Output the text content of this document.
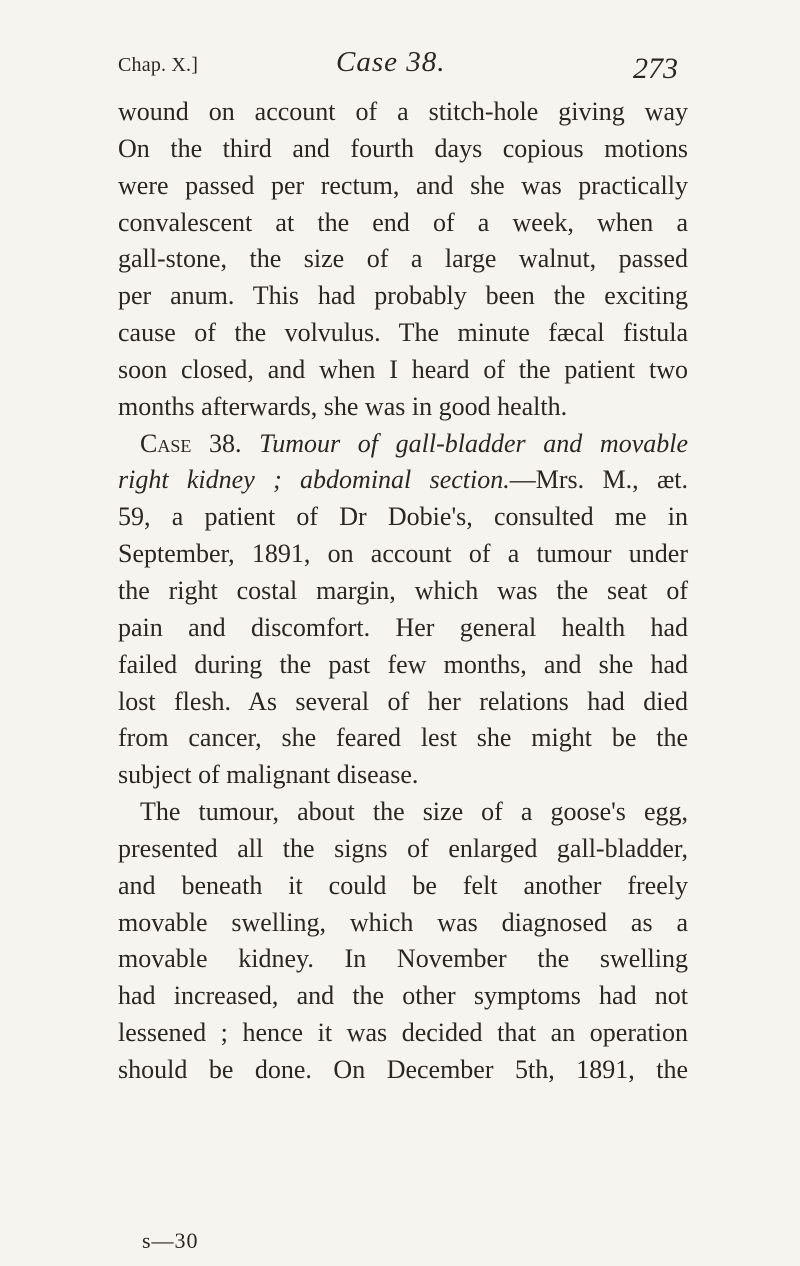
Chap. X.]	Case 38.	273
wound on account of a stitch-hole giving way
On the third and fourth days copious motions
were passed per rectum, and she was practically
convalescent at the end of a week, when a
gall-stone, the size of a large walnut, passed
per anum. This had probably been the exciting
cause of the volvulus. The minute fæcal fistula
soon closed, and when I heard of the patient two
months afterwards, she was in good health.
Case 38. Tumour of gall-bladder and movable
right kidney ; abdominal section.—Mrs. M., æt.
59, a patient of Dr Dobie's, consulted me in
September, 1891, on account of a tumour under
the right costal margin, which was the seat of
pain and discomfort. Her general health had
failed during the past few months, and she had
lost flesh. As several of her relations had died
from cancer, she feared lest she might be the
subject of malignant disease.
The tumour, about the size of a goose's egg,
presented all the signs of enlarged gall-bladder,
and beneath it could be felt another freely
movable swelling, which was diagnosed as a
movable kidney. In November the swelling
had increased, and the other symptoms had not
lessened ; hence it was decided that an operation
should be done. On December 5th, 1891, the
s—30
